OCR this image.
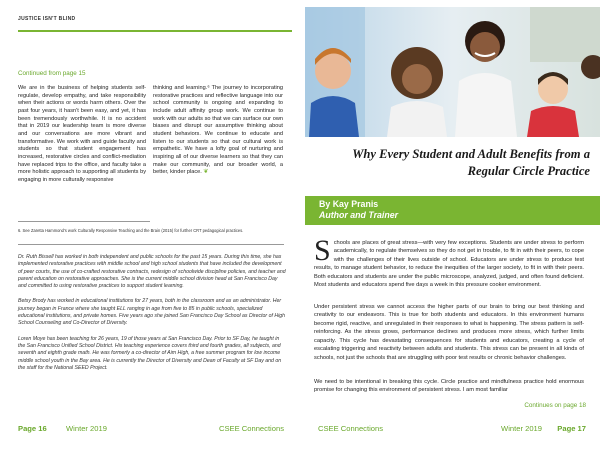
JUSTICE ISN'T BLIND
Continued from page 15
We are in the business of helping students self-regulate, develop empathy, and take responsibility when their actions or words harm others. Over the past four years, it hasn't been easy, and yet, it has been tremendously worthwhile. It is no accident that in 2019 our leadership team is more diverse and our conversations are more vibrant and transformative. We work with and guide faculty and students so that student engagement has increased, restorative circles and conflict-mediation have replaced trips to the office, and faculty take a more holistic approach to supporting all students by engaging in more culturally responsive
thinking and learning.⁶ The journey to incorporating restorative practices and reflective language into our school community is ongoing and expanding to include adult affinity group work. We continue to work with our adults so that we can surface our own biases and disrupt our assumptive thinking about student behaviors. We continue to educate and listen to our students so that our cultural work is empathetic. We have a lofty goal of nurturing and inspiring all of our diverse learners so that they can make our community, and our broader world, a better, kinder place. ❦
6. See Zaretta Hammond's work Culturally Responsive Teaching and the Brain (2015) for further CRT pedagogical practices.

Dr. Ruth Bissell has worked in both independent and public schools for the past 15 years. During this time, she has implemented restorative practices with middle school and high school students that have included the development of peer courts, the use of co-crafted restorative contracts, redesign of schoolwide discipline policies, and teacher and parent education on restorative approaches. She is the current middle school division head at San Francisco Day and committed to using restorative practices to support student learning.

Betsy Brody has worked in educational institutions for 27 years, both in the classroom and as an administrator. Her journey began in France where she taught ELL ranging in age from five to 85 in public schools, specialized educational institutions, and private homes. Five years ago she joined San Francisco Day School as Director of High School Counseling and Co-Director of Diversity.

Loren Moye has been teaching for 26 years, 19 of those years at San Francisco Day. Prior to SF Day, he taught in the San Francisco Unified School District. His teaching experience covers third and fourth grades, all subjects, and seventh and eighth grade math. He was formerly a co-director of Aim High, a free summer program for low income middle school youth in the Bay area. He is currently the Director of Diversity and Dean of Faculty at SF Day and on the staff for the National SEED Project.

Page 16	Winter 2019	CSEE Connections
Why Every Student and Adult Benefits from a Regular Circle Practice
By Kay Pranis
Author and Trainer
Schools are places of great stress—with very few exceptions. Students are under stress to perform academically, to regulate themselves so they do not get in trouble, to fit in with their peers, to cope with the challenges of their lives outside of school. Educators are under stress to produce test results, to manage student behavior, to reduce the inequities of the larger society, to fit in with their peers. Both educators and students are under the public microscope, analyzed, judged, and often found deficient. Most students and educators spend five days a week in this pressure cooker environment.
Under persistent stress we cannot access the higher parts of our brain to bring our best thinking and creativity to our endeavors. This is true for both students and educators. In this environment humans become rigid, reactive, and unregulated in their responses to what is happening. The stress pattern is self-reinforcing. As the stress grows, performance declines and produces more stress, which further limits capacity. This cycle has devastating consequences for students and educators, creating a cycle of escalating triggering and reactivity between adults and students. This stress can be present in all kinds of schools, not just the schools that are struggling with poor test results or chronic behavior challenges.
We need to be intentional in breaking this cycle. Circle practice and mindfulness practice hold enormous promise for changing this environment of persistent stress. I am most familiar
Continues on page 18
CSEE Connections	Winter 2019 Page 17
